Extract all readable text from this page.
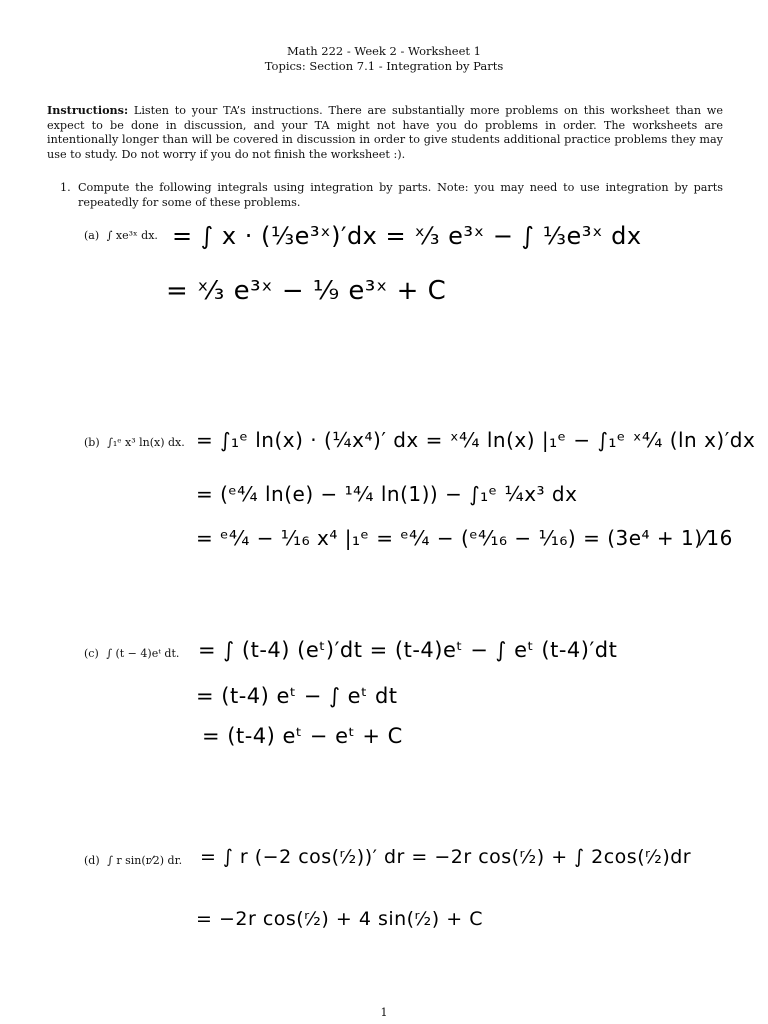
Math 222 - Week 2 - Worksheet 1
Topics: Section 7.1 - Integration by Parts
Instructions: Listen to your TA’s instructions. There are substantially more problems on this worksheet than we expect to be done in discussion, and your TA might not have you do problems in order. The worksheets are intentionally longer than will be covered in discussion in order to give students additional practice problems they may use to study. Do not worry if you do not finish the worksheet :).
1. Compute the following integrals using integration by parts. Note: you may need to use integration by parts repeatedly for some of these problems.
(a) ∫ xe³ˣ dx. = ∫ x · (⅓e³ˣ)′dx = ˣ⁄₃ e³ˣ − ∫ ⅓e³ˣ dx
= ˣ⁄₃ e³ˣ − ¹⁄₉ e³ˣ + C
(b) ∫₁ᵉ x³ ln(x) dx. = ∫₁ᵉ ln(x) · (¼x⁴)′ dx = ˣ⁴⁄₄ ln(x) |₁ᵉ − ∫₁ᵉ ˣ⁴⁄₄ (ln x)′dx
= (ᵉ⁴⁄₄ ln(e) − ¹⁴⁄₄ ln(1)) − ∫₁ᵉ ¼x³ dx
= ᵉ⁴⁄₄ − ¹⁄₁₆ x⁴ |₁ᵉ = ᵉ⁴⁄₄ − (ᵉ⁴⁄₁₆ − ¹⁄₁₆) = (3e⁴ + 1)⁄16
(c) ∫ (t − 4)eᵗ dt. = ∫ (t-4) (eᵗ)′dt = (t-4)eᵗ − ∫ eᵗ (t-4)′dt
= (t-4) eᵗ − ∫ eᵗ dt
= (t-4) eᵗ − eᵗ + C
(d) ∫ r sin(r⁄2) dr. = ∫ r (−2 cos(ʳ⁄₂))′ dr = −2r cos(ʳ⁄₂) + ∫ 2cos(ʳ⁄₂)dr
= −2r cos(ʳ⁄₂) + 4 sin(ʳ⁄₂) + C
1
